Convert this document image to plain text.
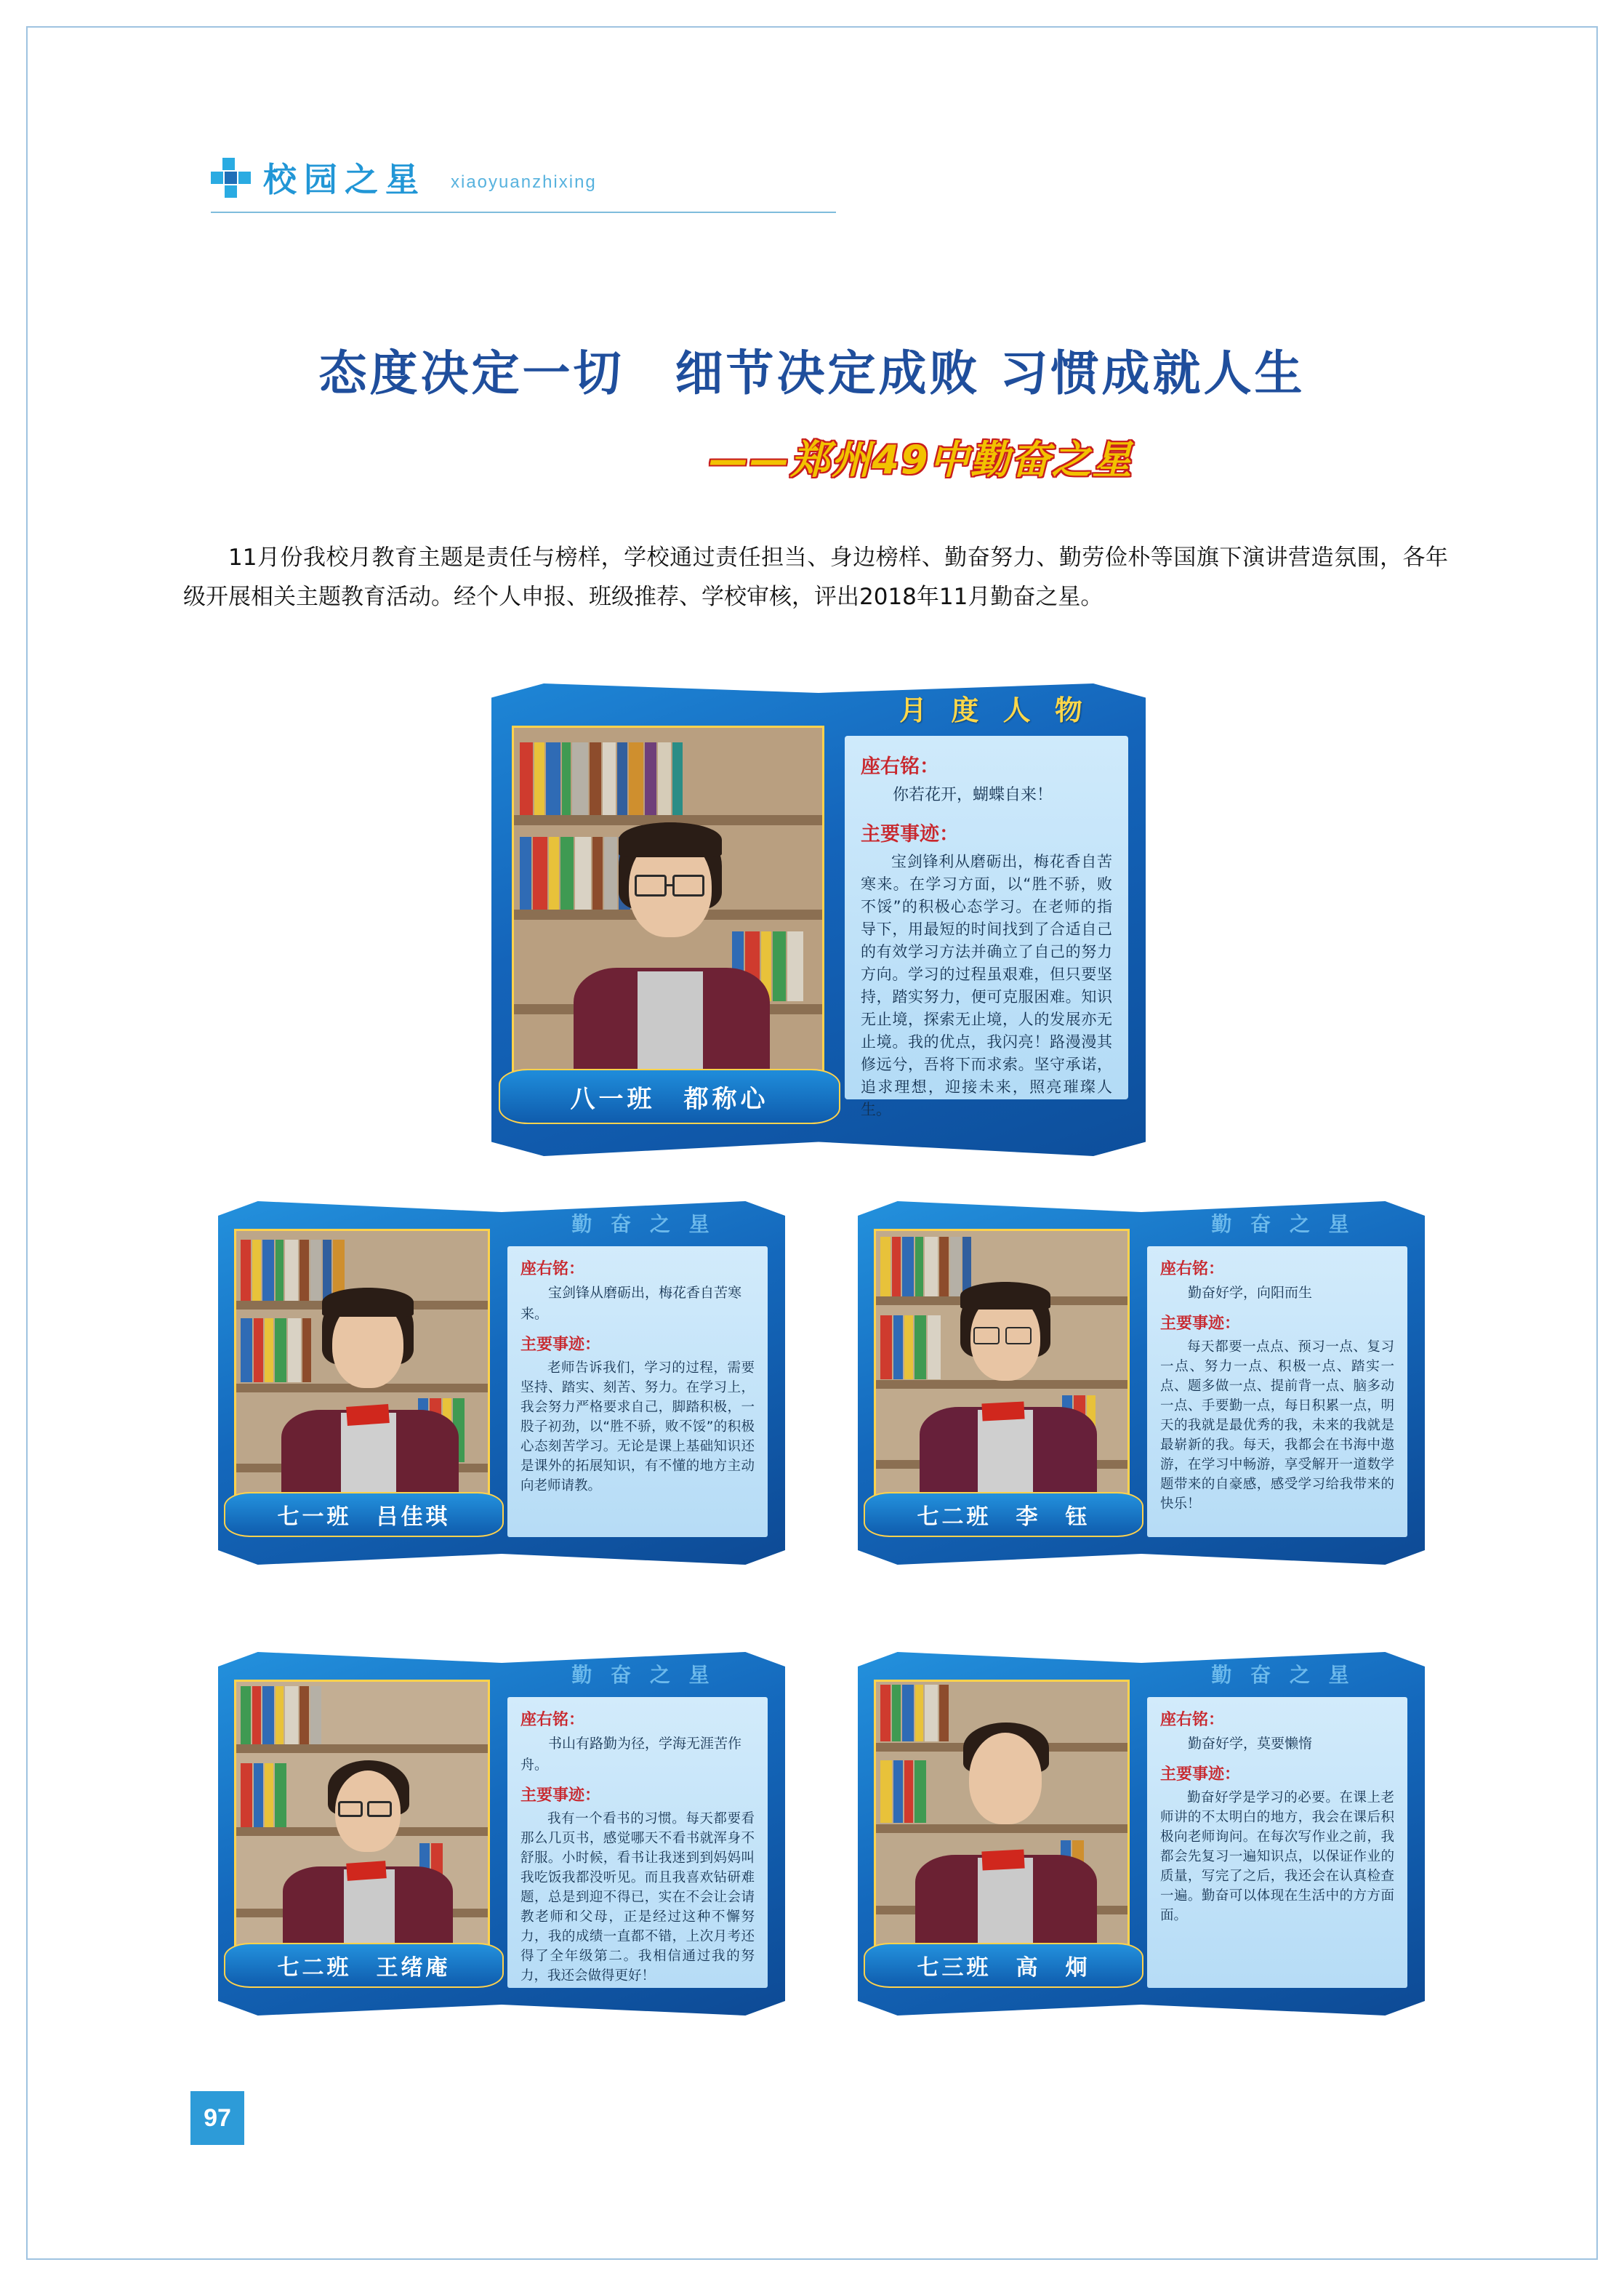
校园之星 xiaoyuanzhixing
态度决定一切　细节决定成败 习惯成就人生
——郑州49中勤奋之星
11月份我校月教育主题是责任与榜样，学校通过责任担当、身边榜样、勤奋努力、勤劳俭朴等国旗下演讲营造氛围，各年级开展相关主题教育活动。经个人申报、班级推荐、学校审核，评出2018年11月勤奋之星。
月 度 人 物
八一班　都称心
座右铭：
你若花开，蝴蝶自来！
主要事迹：
宝剑锋利从磨砺出，梅花香自苦寒来。在学习方面，以“胜不骄，败不馁”的积极心态学习。在老师的指导下，用最短的时间找到了合适自己的有效学习方法并确立了自己的努力方向。学习的过程虽艰难，但只要坚持，踏实努力，便可克服困难。知识无止境，探索无止境，人的发展亦无止境。我的优点，我闪亮！路漫漫其修远兮，吾将下而求索。坚守承诺，追求理想，迎接未来，照亮璀璨人生。
勤 奋 之 星
七一班　吕佳琪
座右铭：
宝剑锋从磨砺出，梅花香自苦寒来。
主要事迹：
老师告诉我们，学习的过程，需要坚持、踏实、刻苦、努力。在学习上，我会努力严格要求自己，脚踏积极，一股子初劲，以“胜不骄，败不馁”的积极心态刻苦学习。无论是课上基础知识还是课外的拓展知识，有不懂的地方主动向老师请教。
勤 奋 之 星
七二班　李　钰
座右铭：
勤奋好学，向阳而生
主要事迹：
每天都要一点点、预习一点、复习一点、努力一点、积极一点、踏实一点、题多做一点、提前背一点、脑多动一点、手要勤一点，每日积累一点，明天的我就是最优秀的我，未来的我就是最崭新的我。每天，我都会在书海中遨游，在学习中畅游，享受解开一道数学题带来的自豪感，感受学习给我带来的快乐！
勤 奋 之 星
七二班　王绪庵
座右铭：
书山有路勤为径，学海无涯苦作舟。
主要事迹：
我有一个看书的习惯。每天都要看那么几页书，感觉哪天不看书就浑身不舒服。小时候，看书让我迷到到妈妈叫我吃饭我都没听见。而且我喜欢钻研难题，总是到迎不得已，实在不会让会请教老师和父母，正是经过这种不懈努力，我的成绩一直都不错，上次月考还得了全年级第二。我相信通过我的努力，我还会做得更好！
勤 奋 之 星
七三班　高　炯
座右铭：
勤奋好学，莫要懒惰
主要事迹：
勤奋好学是学习的必要。在课上老师讲的不太明白的地方，我会在课后积极向老师询问。在每次写作业之前，我都会先复习一遍知识点，以保证作业的质量，写完了之后，我还会在认真检查一遍。勤奋可以体现在生活中的方方面面。
97
